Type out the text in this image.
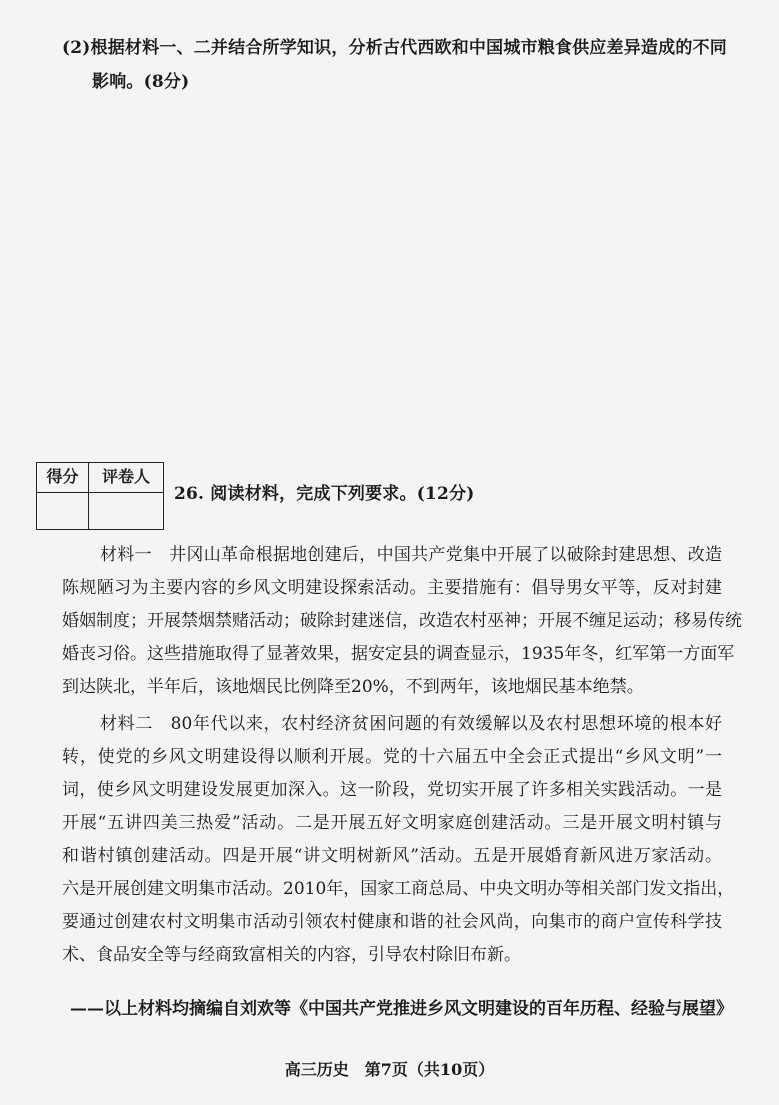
(2)根据材料一、二并结合所学知识，分析古代西欧和中国城市粮食供应差异造成的不同
影响。(8分)
得分	评卷人
26. 阅读材料，完成下列要求。(12分)
材料一　井冈山革命根据地创建后，中国共产党集中开展了以破除封建思想、改造
陈规陋习为主要内容的乡风文明建设探索活动。主要措施有：倡导男女平等，反对封建
婚姻制度；开展禁烟禁赌活动；破除封建迷信，改造农村巫神；开展不缠足运动；移易传统
婚丧习俗。这些措施取得了显著效果，据安定县的调查显示，1935年冬，红军第一方面军
到达陕北，半年后，该地烟民比例降至20%，不到两年，该地烟民基本绝禁。
材料二　80年代以来，农村经济贫困问题的有效缓解以及农村思想环境的根本好
转，使党的乡风文明建设得以顺利开展。党的十六届五中全会正式提出“乡风文明”一
词，使乡风文明建设发展更加深入。这一阶段，党切实开展了许多相关实践活动。一是
开展“五讲四美三热爱”活动。二是开展五好文明家庭创建活动。三是开展文明村镇与
和谐村镇创建活动。四是开展“讲文明树新风”活动。五是开展婚育新风进万家活动。
六是开展创建文明集市活动。2010年，国家工商总局、中央文明办等相关部门发文指出，
要通过创建农村文明集市活动引领农村健康和谐的社会风尚，向集市的商户宣传科学技
术、食品安全等与经商致富相关的内容，引导农村除旧布新。
——以上材料均摘编自刘欢等《中国共产党推进乡风文明建设的百年历程、经验与展望》
高三历史　第7页（共10页）
